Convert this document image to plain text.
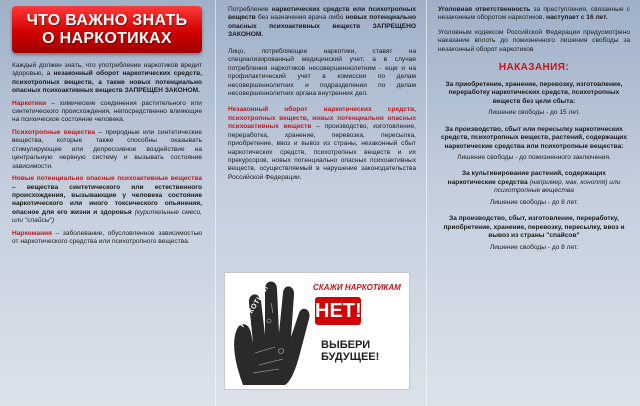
ЧТО ВАЖНО ЗНАТЬ
О НАРКОТИКАХ

Каждый должен знать, что употребление наркотиков вредит здоровью, а незаконный оборот наркотических средств, психотропных веществ, а также новых потенциально опасных психоактивных веществ ЗАПРЕЩЕН ЗАКОНОМ.

Наркотики – химические соединения растительного или синтетического происхождения, непосредственно влияющие на психическое состояние человека.

Психотропные вещества – природные или синтетические вещества, которые также способны оказывать стимулирующее или депрессивное воздействие на центральную нервную систему и вызывать состояние зависимости.

Новые потенциально опасные психоактивные вещества – вещества синтетического или естественного происхождения, вызывающие у человека состояние наркотического или иного токсического опьянения, опасное для его жизни и здоровья (курительные смеси, или "спайсы")

Наркомания – заболевание, обусловленное зависимостью от наркотического средства или психотропного вещества.

Потребление наркотических средств или психотропных веществ без назначения врача либо новых потенциально опасных психоактивных веществ ЗАПРЕЩЕНО ЗАКОНОМ.

Лицо, потребляющее наркотики, ставят на специализированный медицинский учет; а в случае потребления наркотиков несовершеннолетним - еще и на профилактический учет в комиссии по делам несовершеннолетних и подразделении по делам несовершеннолетних органа внутренних дел.

Незаконный оборот наркотических средств, психотропных веществ, новых потенциально опасных психоактивных веществ – производство, изготовление, переработка, хранение, перевозка, пересылка, приобретение, ввоз и вывоз из страны, незаконный сбыт наркотических средств, психотропных веществ и их прекурсоров, новых потенциально опасных психоактивных веществ, осуществляемый в нарушение законодательства Российской Федерации.

НАРКОТИКИ	СКАЖИ НАРКОТИКАМ
НЕТ!
ВЫБЕРИ
БУДУЩЕЕ!

Уголовная ответственность за преступления, связанные с незаконным оборотом наркотиков, наступает с 16 лет.

Уголовным кодексом Российской Федерации предусмотрено наказание вплоть до пожизненного лишения свободы за незаконный оборот наркотиков

НАКАЗАНИЯ:
За приобретение, хранение, перевозку, изготовление, переработку наркотических средств, психотропных веществ без цели сбыта:
Лишение свободы - до 15 лет.
За производство, сбыт или пересылку наркотических средств, психотропных веществ, растений, содержащих наркотические средства или психотропные вещества:
Лишение свободы - до пожизненного заключения.
За культивирование растений, содержащих наркотические средства (например, мак, конопля) или психотропные вещества
Лишение свободы - до 8 лет.
За производство, сбыт, изготовление, переработку, приобретение, хранение, перевозку, пересылку, ввоз и вывоз из страны "спайсов"
Лишение свободы - до 8 лет.
